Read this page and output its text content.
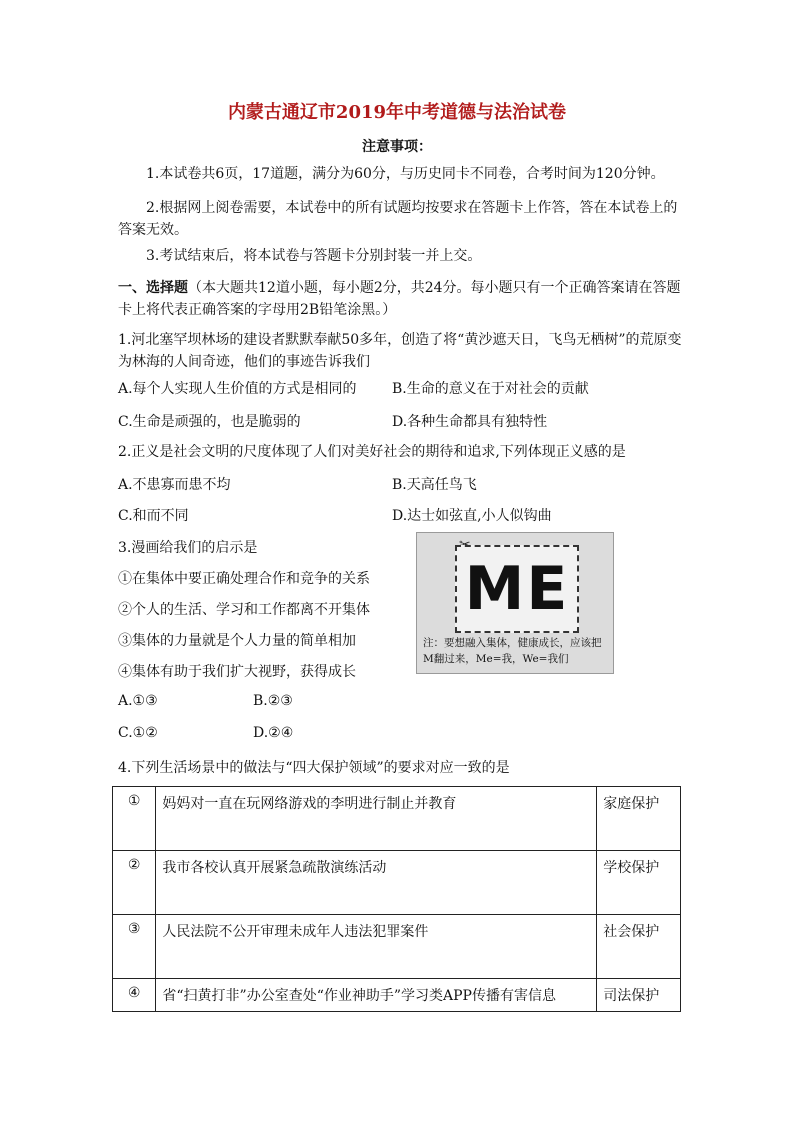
内蒙古通辽市2019年中考道德与法治试卷
注意事项：
1.本试卷共6页，17道题，满分为60分，与历史同卡不同卷，合考时间为120分钟。
2.根据网上阅卷需要，本试卷中的所有试题均按要求在答题卡上作答，答在本试卷上的答案无效。
3.考试结束后，将本试卷与答题卡分别封装一并上交。
一、选择题（本大题共12道小题，每小题2分，共24分。每小题只有一个正确答案请在答题卡上将代表正确答案的字母用2B铅笔涂黑。）
1.河北塞罕坝林场的建设者默默奉献50多年，创造了将“黄沙遮天日，飞鸟无栖树”的荒原变为林海的人间奇迹，他们的事迹告诉我们
A.每个人实现人生价值的方式是相同的	B.生命的意义在于对社会的贡献
C.生命是顽强的，也是脆弱的	D.各种生命都具有独特性
2.正义是社会文明的尺度体现了人们对美好社会的期待和追求,下列体现正义感的是
A.不患寡而患不均	B.天高任鸟飞
C.和而不同	D.达士如弦直,小人似钩曲
3.漫画给我们的启示是
①在集体中要正确处理合作和竞争的关系
②个人的生活、学习和工作都离不开集体
③集体的力量就是个人力量的简单相加
④集体有助于我们扩大视野，获得成长
A.①③	B.②③
C.①②	D.②④
ME
注：要想融入集体，健康成长，应该把M翻过来，Me=我，We=我们
4.下列生活场景中的做法与“四大保护领域”的要求对应一致的是
①	妈妈对一直在玩网络游戏的李明进行制止并教育	家庭保护
②	我市各校认真开展紧急疏散演练活动	学校保护
③	人民法院不公开审理未成年人违法犯罪案件	社会保护
④	省“扫黄打非”办公室查处“作业神助手”学习类APP传播有害信息	司法保护
